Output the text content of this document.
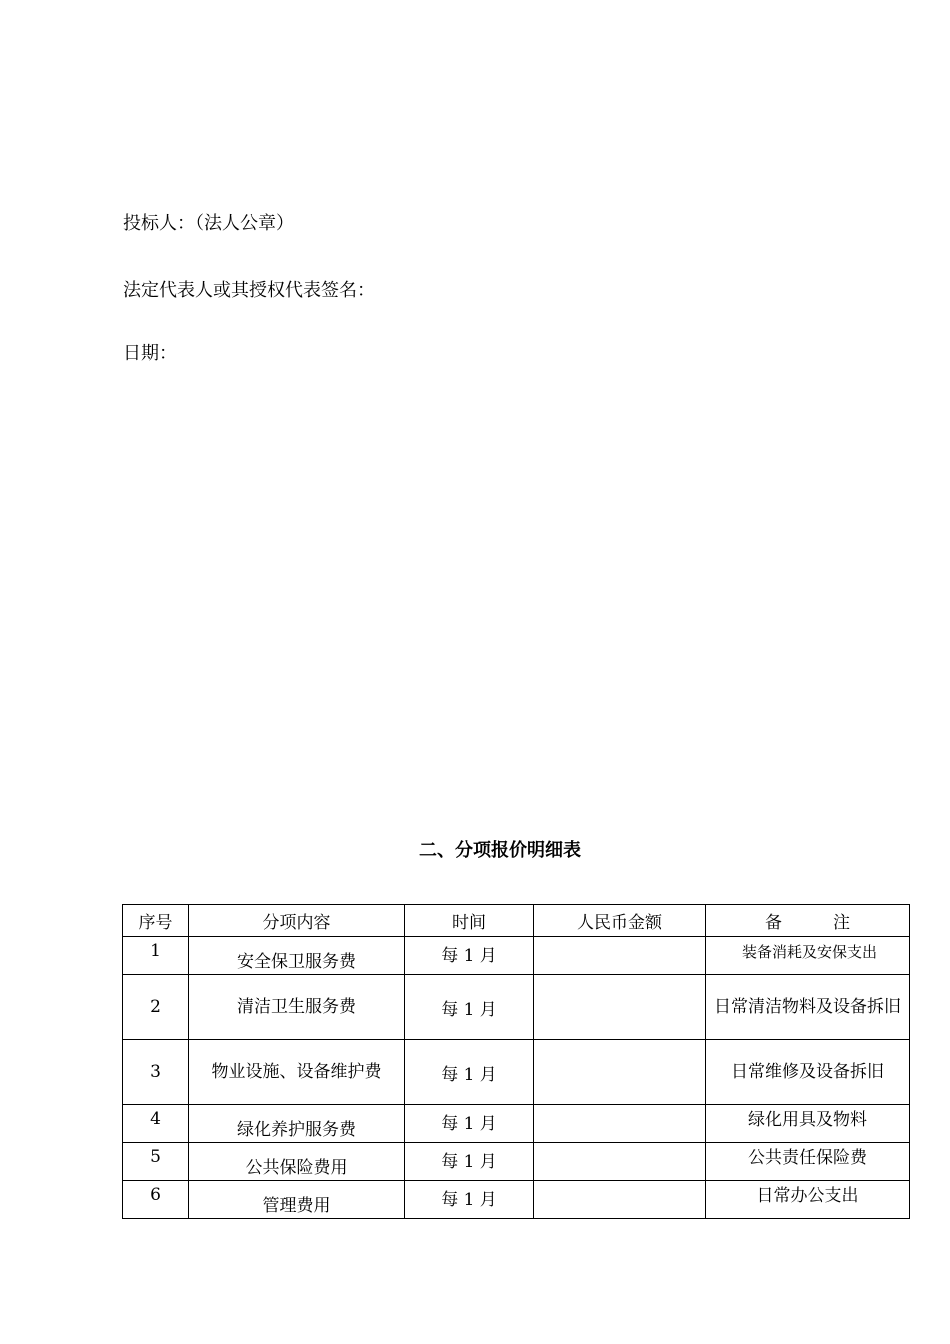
投标人：（法人公章）
法定代表人或其授权代表签名：
日期：
二、分项报价明细表
序号	分项内容	时间	人民币金额	备　　　注
1	安全保卫服务费	每 1 月		装备消耗及安保支出
2	清洁卫生服务费	每 1 月		日常清洁物料及设备拆旧
3	物业设施、设备维护费	每 1 月		日常维修及设备拆旧
4	绿化养护服务费	每 1 月		绿化用具及物料
5	公共保险费用	每 1 月		公共责任保险费
6	管理费用	每 1 月		日常办公支出
